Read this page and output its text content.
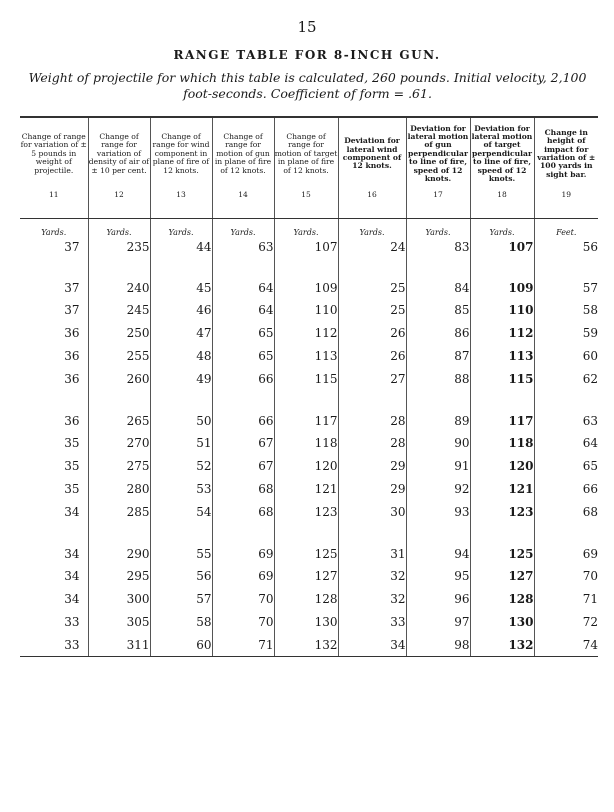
15
RANGE TABLE FOR 8-INCH GUN.
Weight of projectile for which this table is calculated, 260 pounds. Initial velocity, 2,100 foot-seconds. Coefficient of form = .61.

Change of range for variation of ± 5 pounds in weight of projectile.	Change of range for variation of density of air of ± 10 per cent.	Change of range for wind component in plane of fire of 12 knots.	Change of range for motion of gun in plane of fire of 12 knots.	Change of range for motion of target in plane of fire of 12 knots.	Deviation for lateral wind component of 12 knots.	Deviation for lateral motion of gun perpendicular to line of fire, speed of 12 knots.	Deviation for lateral motion of target perpendicular to line of fire, speed of 12 knots.	Change in height of impact for variation of ± 100 yards in sight bar.
11	12	13	14	15	16	17	18	19
Yards.	Yards.	Yards.	Yards.	Yards.	Yards.	Yards.	Yards.	Feet.
37	235	44	63	107	24	83	107	56
37	240	45	64	109	25	84	109	57
37	245	46	64	110	25	85	110	58
36	250	47	65	112	26	86	112	59
36	255	48	65	113	26	87	113	60
36	260	49	66	115	27	88	115	62
36	265	50	66	117	28	89	117	63
35	270	51	67	118	28	90	118	64
35	275	52	67	120	29	91	120	65
35	280	53	68	121	29	92	121	66
34	285	54	68	123	30	93	123	68
34	290	55	69	125	31	94	125	69
34	295	56	69	127	32	95	127	70
34	300	57	70	128	32	96	128	71
33	305	58	70	130	33	97	130	72
33	311	60	71	132	34	98	132	74
